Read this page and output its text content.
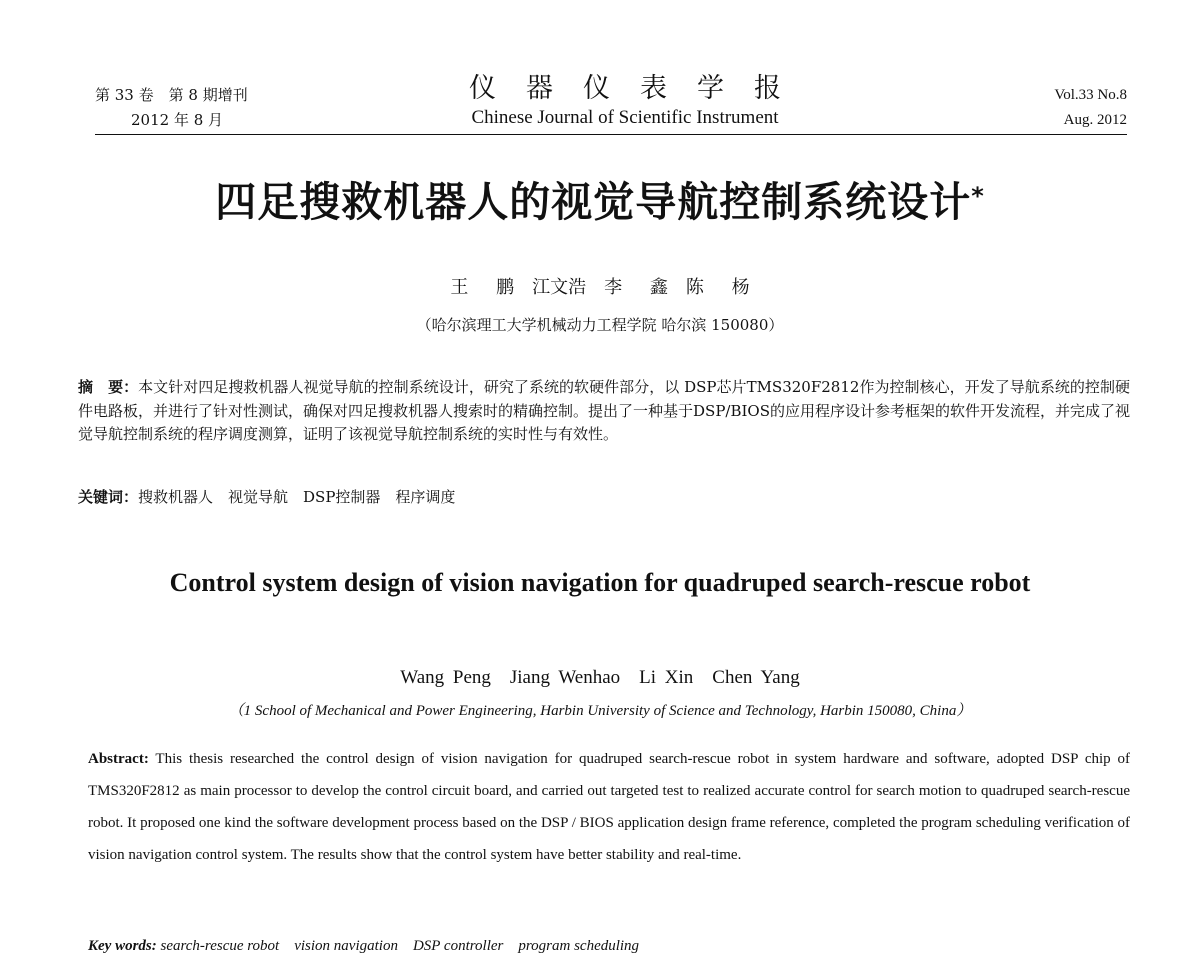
第 33 卷　第 8 期增刊
2012 年 8 月
仪器仪表学报
Chinese Journal of Scientific Instrument
Vol.33 No.8
Aug. 2012
四足搜救机器人的视觉导航控制系统设计*
王 鹏　江文浩　李 鑫　陈 杨
（哈尔滨理工大学机械动力工程学院 哈尔滨 150080）
摘　要：本文针对四足搜救机器人视觉导航的控制系统设计，研究了系统的软硬件部分，以 DSP芯片TMS320F2812作为控制核心，开发了导航系统的控制硬件电路板，并进行了针对性测试，确保对四足搜救机器人搜索时的精确控制。提出了一种基于DSP/BIOS的应用程序设计参考框架的软件开发流程，并完成了视觉导航控制系统的程序调度测算，证明了该视觉导航控制系统的实时性与有效性。
关键词：搜救机器人　视觉导航　DSP控制器　程序调度
Control system design of vision navigation for quadruped search-rescue robot
Wang Peng　Jiang Wenhao　Li Xin　Chen Yang
（1 School of Mechanical and Power Engineering, Harbin University of Science and Technology, Harbin 150080, China）
Abstract: This thesis researched the control design of vision navigation for quadruped search-rescue robot in system hardware and software, adopted DSP chip of TMS320F2812 as main processor to develop the control circuit board, and carried out targeted test to realized accurate control for search motion to quadruped search-rescue robot. It proposed one kind the software development process based on the DSP / BIOS application design frame reference, completed the program scheduling verification of vision navigation control system. The results show that the control system have better stability and real-time.
Key words: search-rescue robot　vision navigation　DSP controller　program scheduling
